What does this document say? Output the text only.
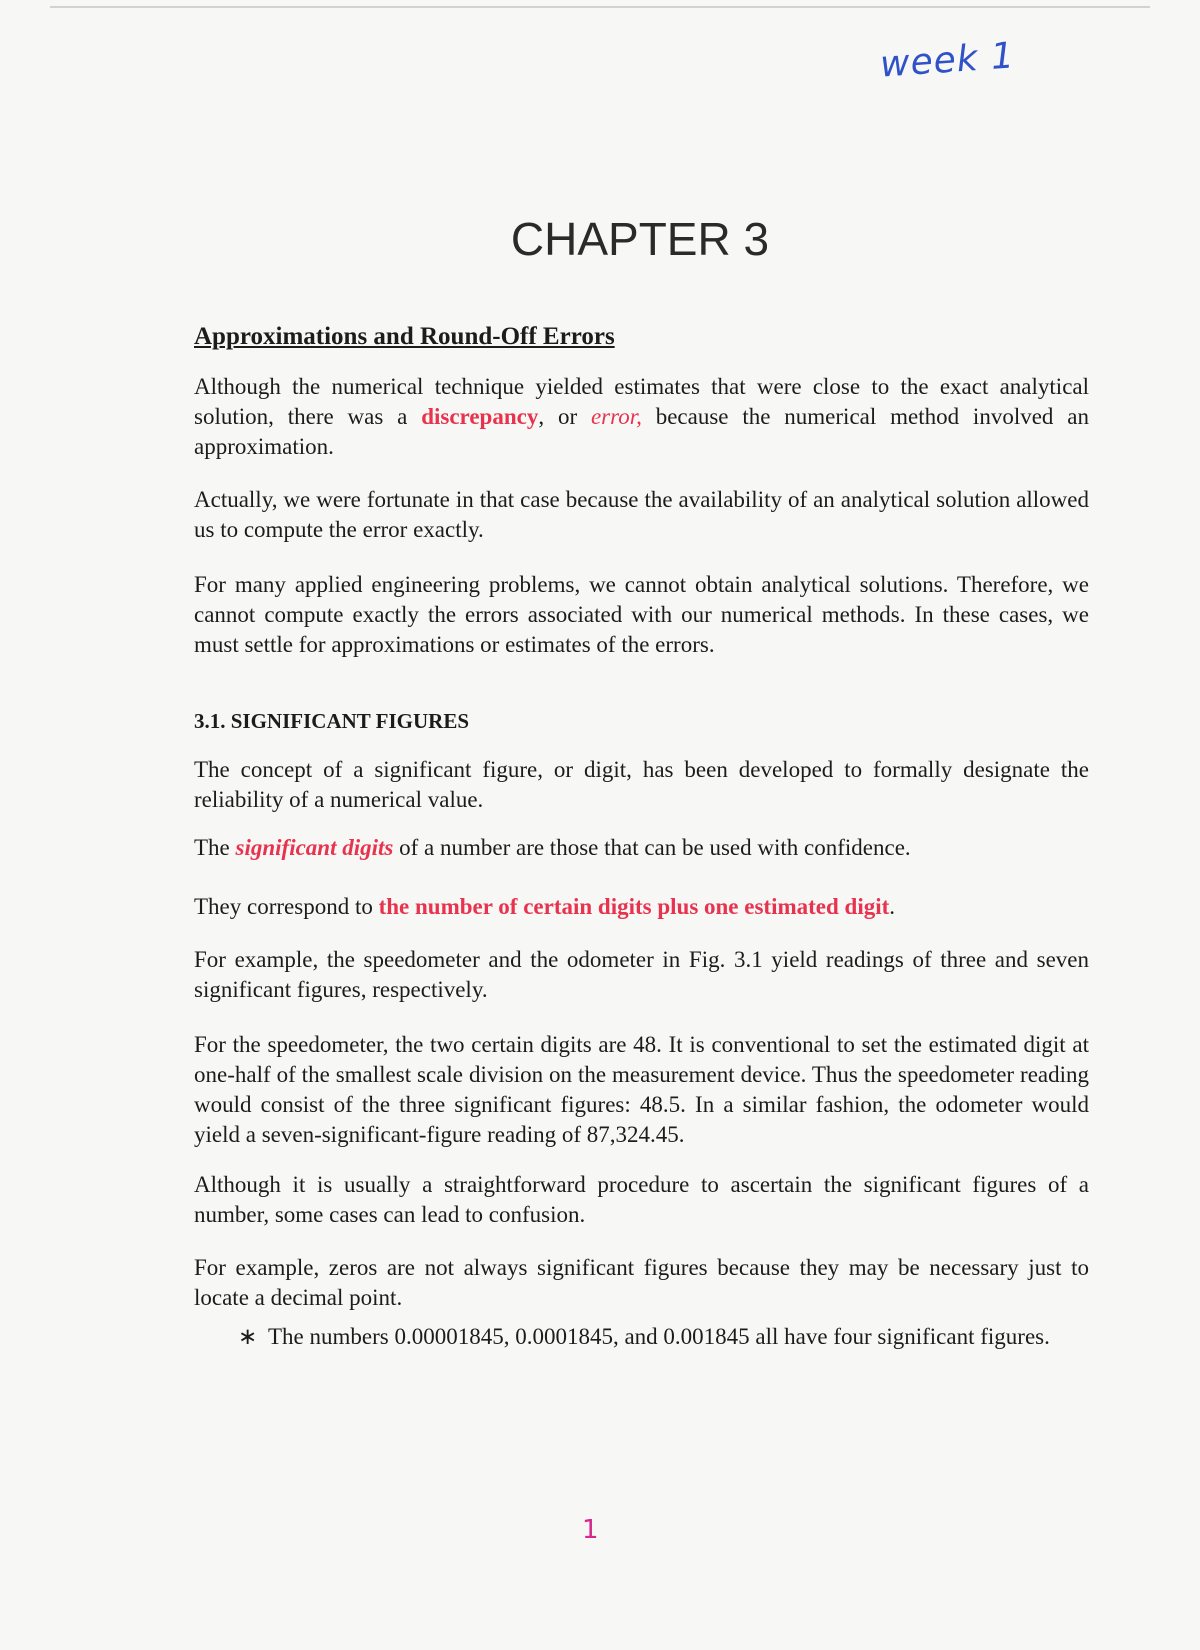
week 1
CHAPTER 3
Approximations and Round-Off Errors

Although the numerical technique yielded estimates that were close to the exact analytical solution, there was a discrepancy, or error, because the numerical method involved an approximation.

Actually, we were fortunate in that case because the availability of an analytical solution allowed us to compute the error exactly.

For many applied engineering problems, we cannot obtain analytical solutions. Therefore, we cannot compute exactly the errors associated with our numerical methods. In these cases, we must settle for approximations or estimates of the errors.

3.1. SIGNIFICANT FIGURES

The concept of a significant figure, or digit, has been developed to formally designate the reliability of a numerical value.

The significant digits of a number are those that can be used with confidence.

They correspond to the number of certain digits plus one estimated digit.

For example, the speedometer and the odometer in Fig. 3.1 yield readings of three and seven significant figures, respectively.

For the speedometer, the two certain digits are 48. It is conventional to set the estimated digit at one-half of the smallest scale division on the measurement device. Thus the speedometer reading would consist of the three significant figures: 48.5. In a similar fashion, the odometer would yield a seven-significant-figure reading of 87,324.45.

Although it is usually a straightforward procedure to ascertain the significant figures of a number, some cases can lead to confusion.

For example, zeros are not always significant figures because they may be necessary just to locate a decimal point.

∗ The numbers 0.00001845, 0.0001845, and 0.001845 all have four significant figures.
1
